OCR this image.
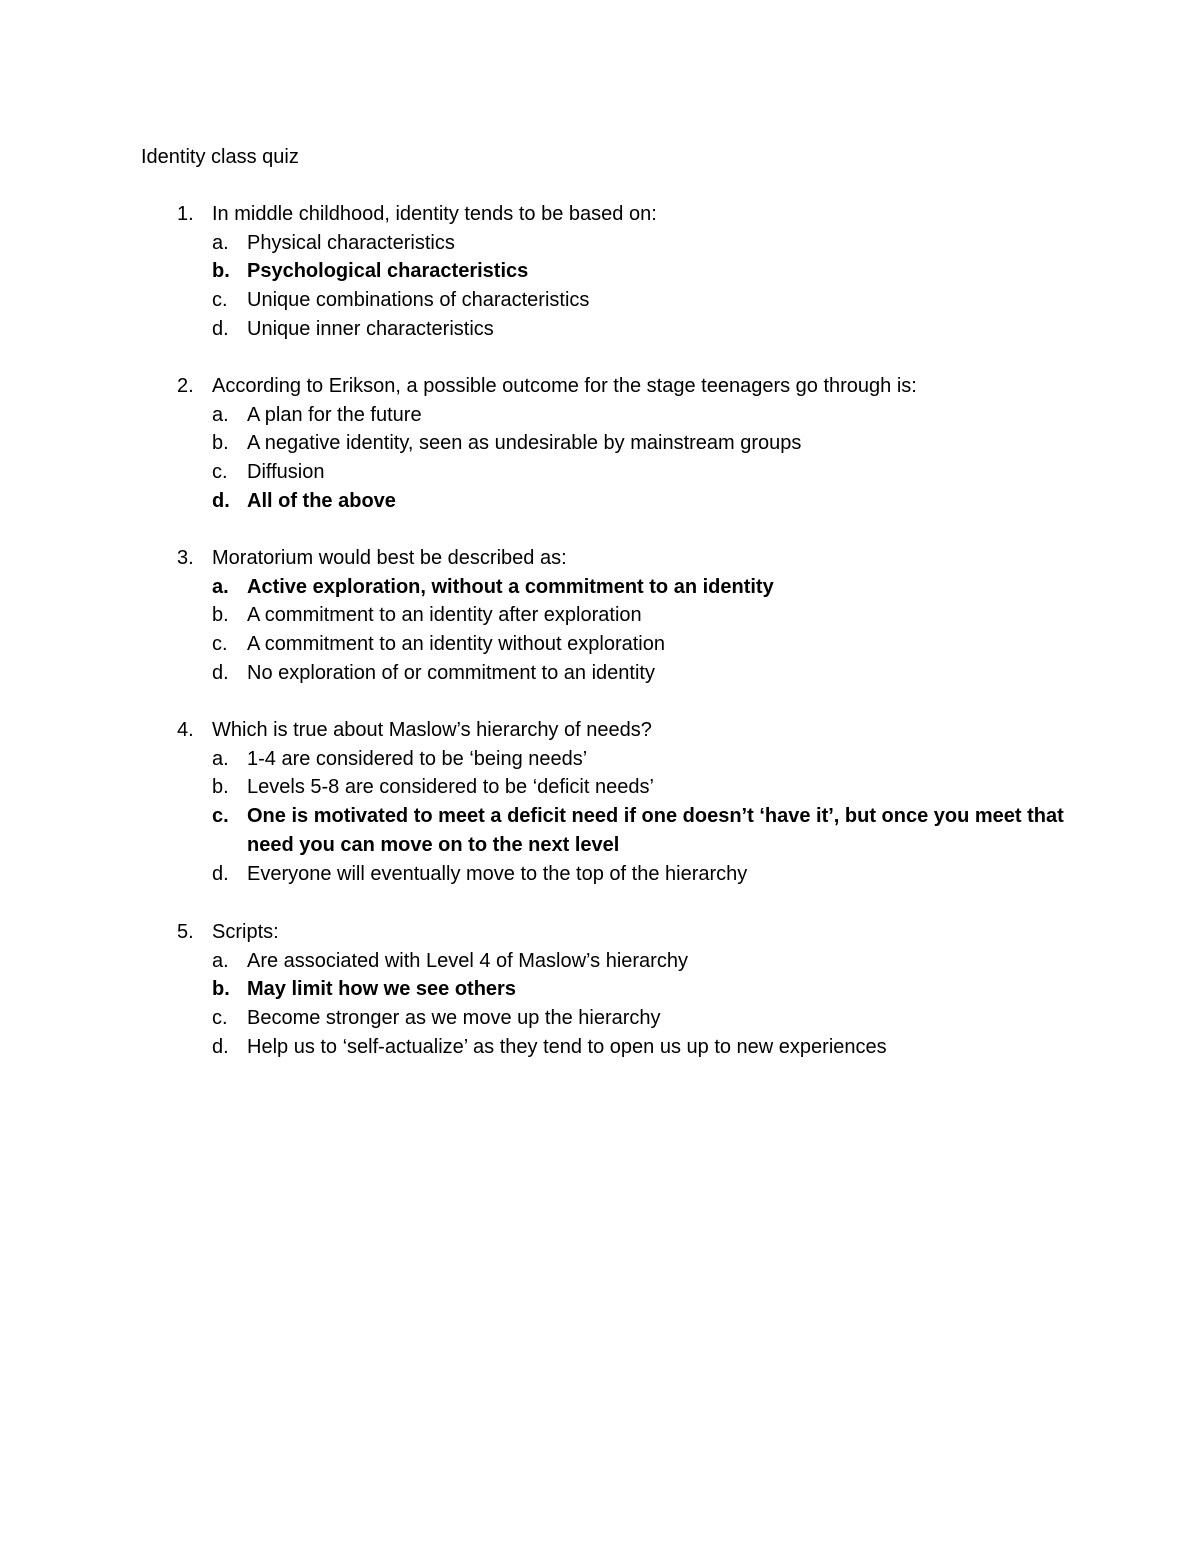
Identity class quiz
1. In middle childhood, identity tends to be based on:
a. Physical characteristics
b. Psychological characteristics
c. Unique combinations of characteristics
d. Unique inner characteristics
2. According to Erikson, a possible outcome for the stage teenagers go through is:
a. A plan for the future
b. A negative identity, seen as undesirable by mainstream groups
c. Diffusion
d. All of the above
3. Moratorium would best be described as:
a. Active exploration, without a commitment to an identity
b. A commitment to an identity after exploration
c. A commitment to an identity without exploration
d. No exploration of or commitment to an identity
4. Which is true about Maslow’s hierarchy of needs?
a. 1-4 are considered to be ‘being needs’
b. Levels 5-8 are considered to be ‘deficit needs’
c. One is motivated to meet a deficit need if one doesn’t ‘have it’, but once you meet that need you can move on to the next level
d. Everyone will eventually move to the top of the hierarchy
5. Scripts:
a. Are associated with Level 4 of Maslow’s hierarchy
b. May limit how we see others
c. Become stronger as we move up the hierarchy
d. Help us to ‘self-actualize’ as they tend to open us up to new experiences
